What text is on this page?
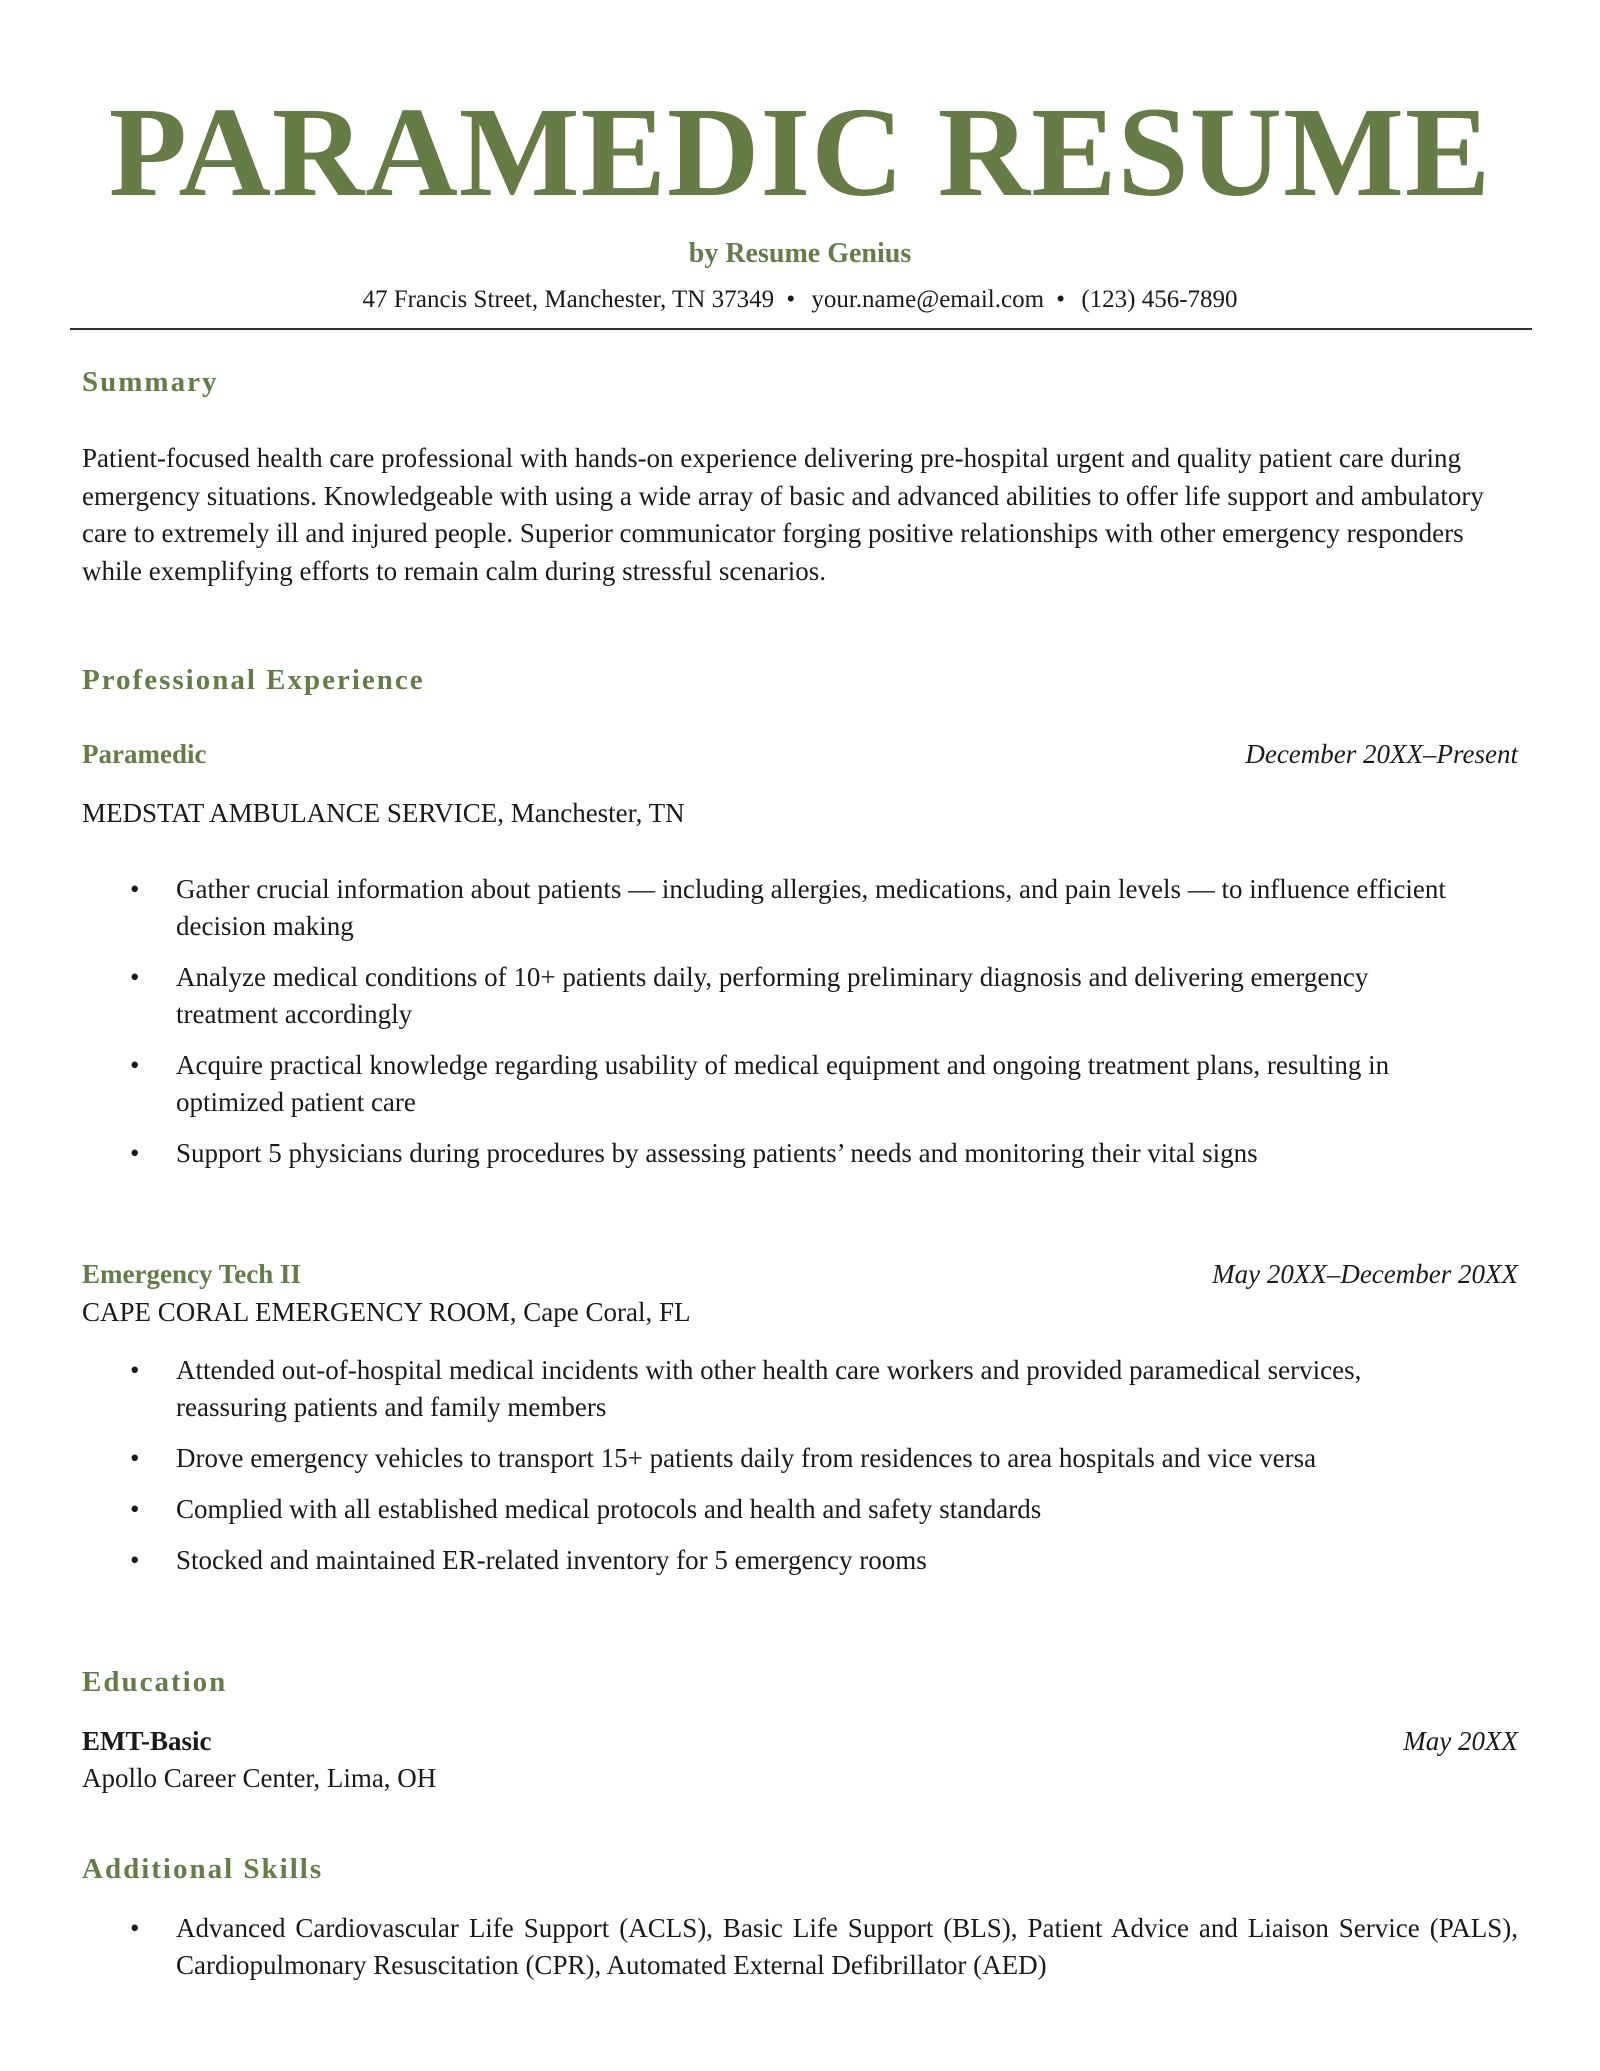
PARAMEDIC RESUME
by Resume Genius
47 Francis Street, Manchester, TN 37349 • your.name@email.com • (123) 456-7890
Summary
Patient-focused health care professional with hands-on experience delivering pre-hospital urgent and quality patient care during emergency situations. Knowledgeable with using a wide array of basic and advanced abilities to offer life support and ambulatory care to extremely ill and injured people. Superior communicator forging positive relationships with other emergency responders while exemplifying efforts to remain calm during stressful scenarios.
Professional Experience
Paramedic	December 20XX–Present
MEDSTAT AMBULANCE SERVICE, Manchester, TN
• Gather crucial information about patients — including allergies, medications, and pain levels — to influence efficient decision making
• Analyze medical conditions of 10+ patients daily, performing preliminary diagnosis and delivering emergency treatment accordingly
• Acquire practical knowledge regarding usability of medical equipment and ongoing treatment plans, resulting in optimized patient care
• Support 5 physicians during procedures by assessing patients’ needs and monitoring their vital signs
Emergency Tech II	May 20XX–December 20XX
CAPE CORAL EMERGENCY ROOM, Cape Coral, FL
• Attended out-of-hospital medical incidents with other health care workers and provided paramedical services, reassuring patients and family members
• Drove emergency vehicles to transport 15+ patients daily from residences to area hospitals and vice versa
• Complied with all established medical protocols and health and safety standards
• Stocked and maintained ER-related inventory for 5 emergency rooms
Education
EMT-Basic	May 20XX
Apollo Career Center, Lima, OH
Additional Skills
• Advanced Cardiovascular Life Support (ACLS), Basic Life Support (BLS), Patient Advice and Liaison Service (PALS), Cardiopulmonary Resuscitation (CPR), Automated External Defibrillator (AED)
